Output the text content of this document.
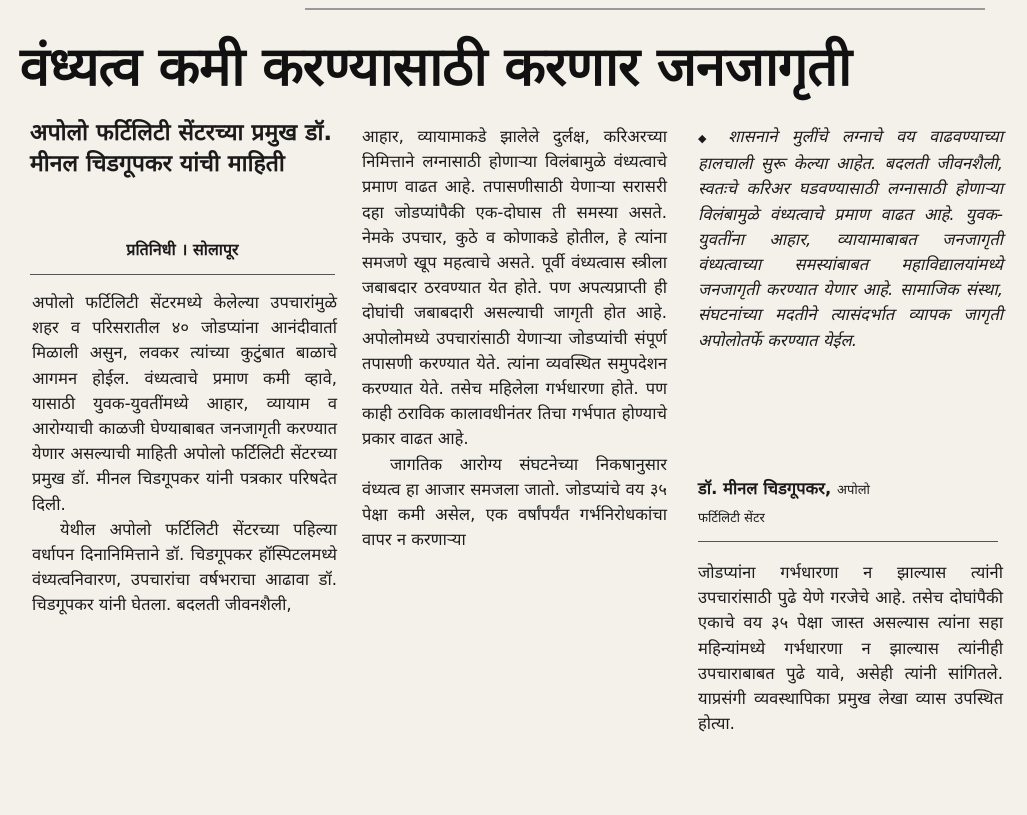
वंध्यत्व कमी करण्यासाठी करणार जनजागृती
अपोलो फर्टिलिटी सेंटरच्या प्रमुख डॉ. मीनल चिडगूपकर यांची माहिती
प्रतिनिधी । सोलापूर

अपोलो फर्टिलिटी सेंटरमध्ये केलेल्या उपचारांमुळे शहर व परिसरातील ४० जोडप्यांना आनंदीवार्ता मिळाली असुन, लवकर त्यांच्या कुटुंबात बाळाचे आगमन होईल. वंध्यत्वाचे प्रमाण कमी व्हावे, यासाठी युवक-युवतींमध्ये आहार, व्यायाम व आरोग्याची काळजी घेण्याबाबत जनजागृती करण्यात येणार असल्याची माहिती अपोलो फर्टिलिटी सेंटरच्या प्रमुख डॉ. मीनल चिडगूपकर यांनी पत्रकार परिषदेत दिली.

येथील अपोलो फर्टिलिटी सेंटरच्या पहिल्या वर्धापन दिनानिमित्ताने डॉ. चिडगूपकर हॉस्पिटलमध्ये वंध्यत्वनिवारण, उपचारांचा वर्षभराचा आढावा डॉ. चिडगूपकर यांनी घेतला. बदलती जीवनशैली,

आहार, व्यायामाकडे झालेले दुर्लक्ष, करिअरच्या निमित्ताने लग्नासाठी होणाऱ्या विलंबामुळे वंध्यत्वाचे प्रमाण वाढत आहे. तपासणीसाठी येणाऱ्या सरासरी दहा जोडप्यांपैकी एक-दोघास ती समस्या असते. नेमके उपचार, कुठे व कोणाकडे होतील, हे त्यांना समजणे खूप महत्वाचे असते. पूर्वी वंध्यत्वास स्त्रीला जबाबदार ठरवण्यात येत होते. पण अपत्यप्राप्ती ही दोघांची जबाबदारी असल्याची जागृती होत आहे. अपोलोमध्ये उपचारांसाठी येणाऱ्या जोडप्यांची संपूर्ण तपासणी करण्यात येते. त्यांना व्यवस्थित समुपदेशन करण्यात येते. तसेच महिलेला गर्भधारणा होते. पण काही ठराविक कालावधीनंतर तिचा गर्भपात होण्याचे प्रकार वाढत आहे.

जागतिक आरोग्य संघटनेच्या निकषानुसार वंध्यत्व हा आजार समजला जातो. जोडप्यांचे वय ३५ पेक्षा कमी असेल, एक वर्षांपर्यंत गर्भनिरोधकांचा वापर न करणाऱ्या

◆ शासनाने मुलींचे लग्नाचे वय वाढवण्याच्या हालचाली सुरू केल्या आहेत. बदलती जीवनशैली, स्वतःचे करिअर घडवण्यासाठी लग्नासाठी होणाऱ्या विलंबामुळे वंध्यत्वाचे प्रमाण वाढत आहे. युवक-युवतींना आहार, व्यायामाबाबत जनजागृती वंध्यत्वाच्या समस्यांबाबत महाविद्यालयांमध्ये जनजागृती करण्यात येणार आहे. सामाजिक संस्था, संघटनांच्या मदतीने त्यासंदर्भात व्यापक जागृती अपोलोतर्फे करण्यात येईल.

डॉ. मीनल चिडगूपकर, अपोलो
फर्टिलिटी सेंटर

जोडप्यांना गर्भधारणा न झाल्यास त्यांनी उपचारांसाठी पुढे येणे गरजेचे आहे. तसेच दोघांपैकी एकाचे वय ३५ पेक्षा जास्त असल्यास त्यांना सहा महिन्यांमध्ये गर्भधारणा न झाल्यास त्यांनीही उपचाराबाबत पुढे यावे, असेही त्यांनी सांगितले. याप्रसंगी व्यवस्थापिका प्रमुख लेखा व्यास उपस्थित होत्या.
